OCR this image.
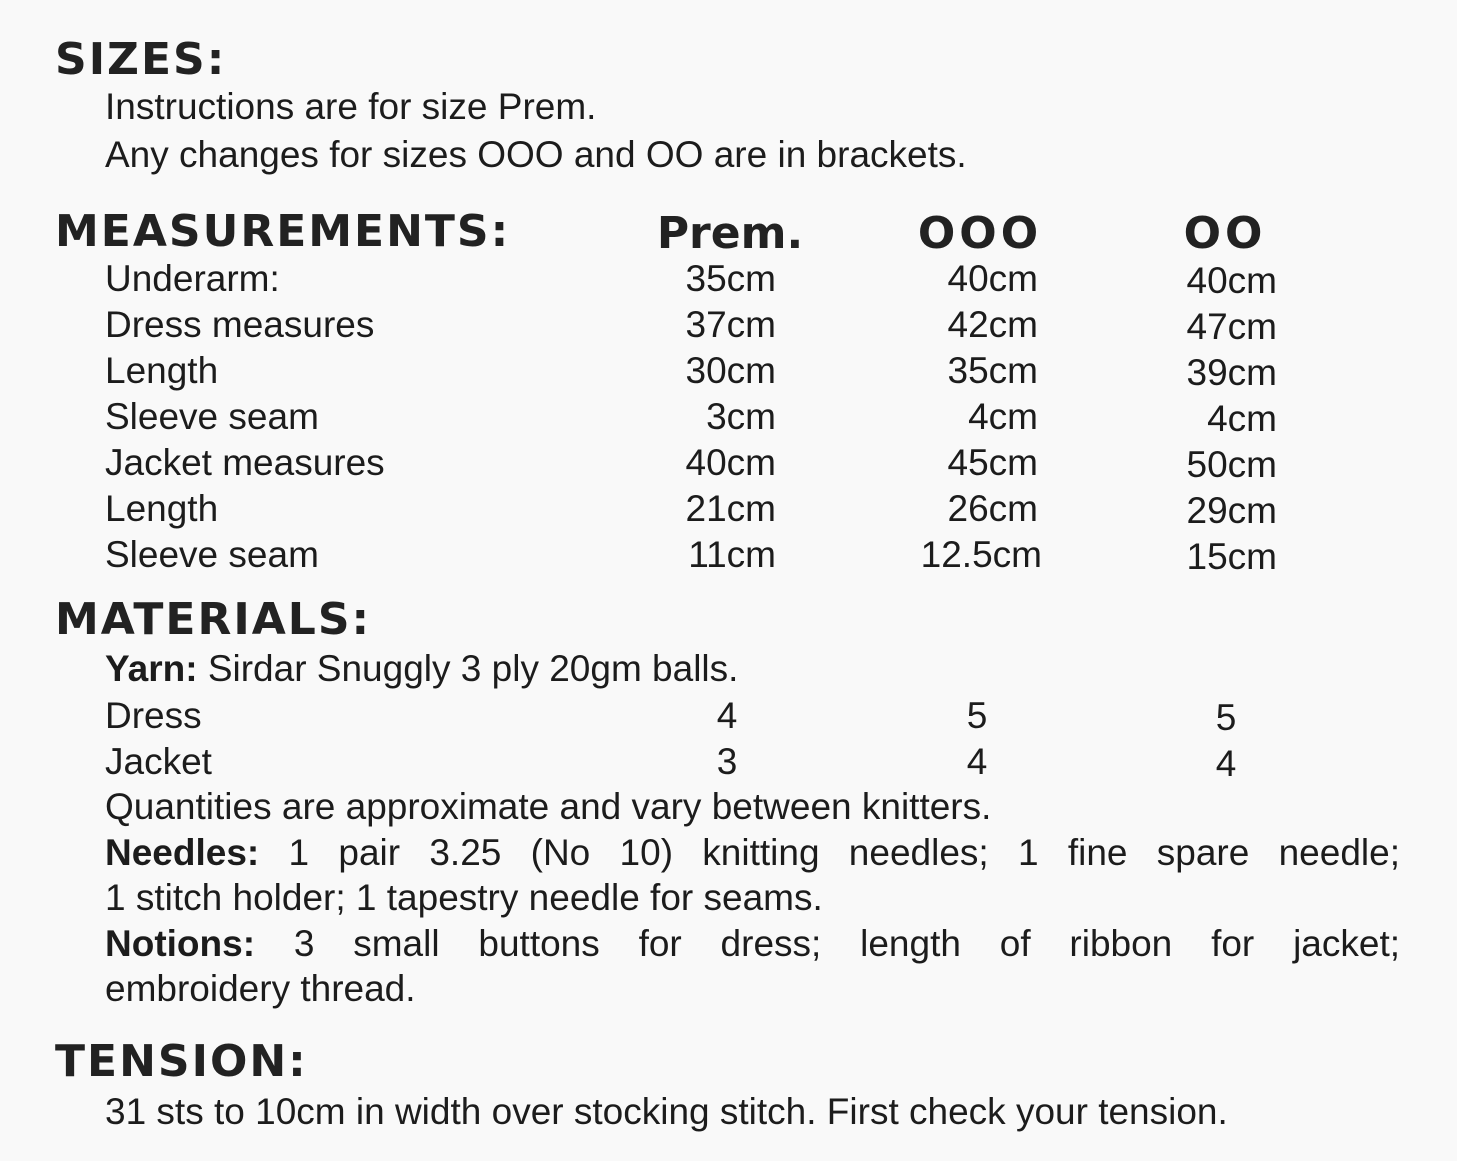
SIZES:
Instructions are for size Prem.
Any changes for sizes OOO and OO are in brackets.
MEASUREMENTS:	Prem.	OOO	OO
Underarm:	35cm	40cm	40cm
Dress measures	37cm	42cm	47cm
Length	30cm	35cm	39cm
Sleeve seam	3cm	4cm	4cm
Jacket measures	40cm	45cm	50cm
Length	21cm	26cm	29cm
Sleeve seam	11cm	12.5cm	15cm
MATERIALS:
Yarn: Sirdar Snuggly 3 ply 20gm balls.
Dress	4	5	5
Jacket	3	4	4
Quantities are approximate and vary between knitters.
Needles: 1 pair 3.25 (No 10) knitting needles; 1 fine spare needle;
1 stitch holder; 1 tapestry needle for seams.
Notions: 3 small buttons for dress; length of ribbon for jacket;
embroidery thread.
TENSION:
31 sts to 10cm in width over stocking stitch. First check your tension.
